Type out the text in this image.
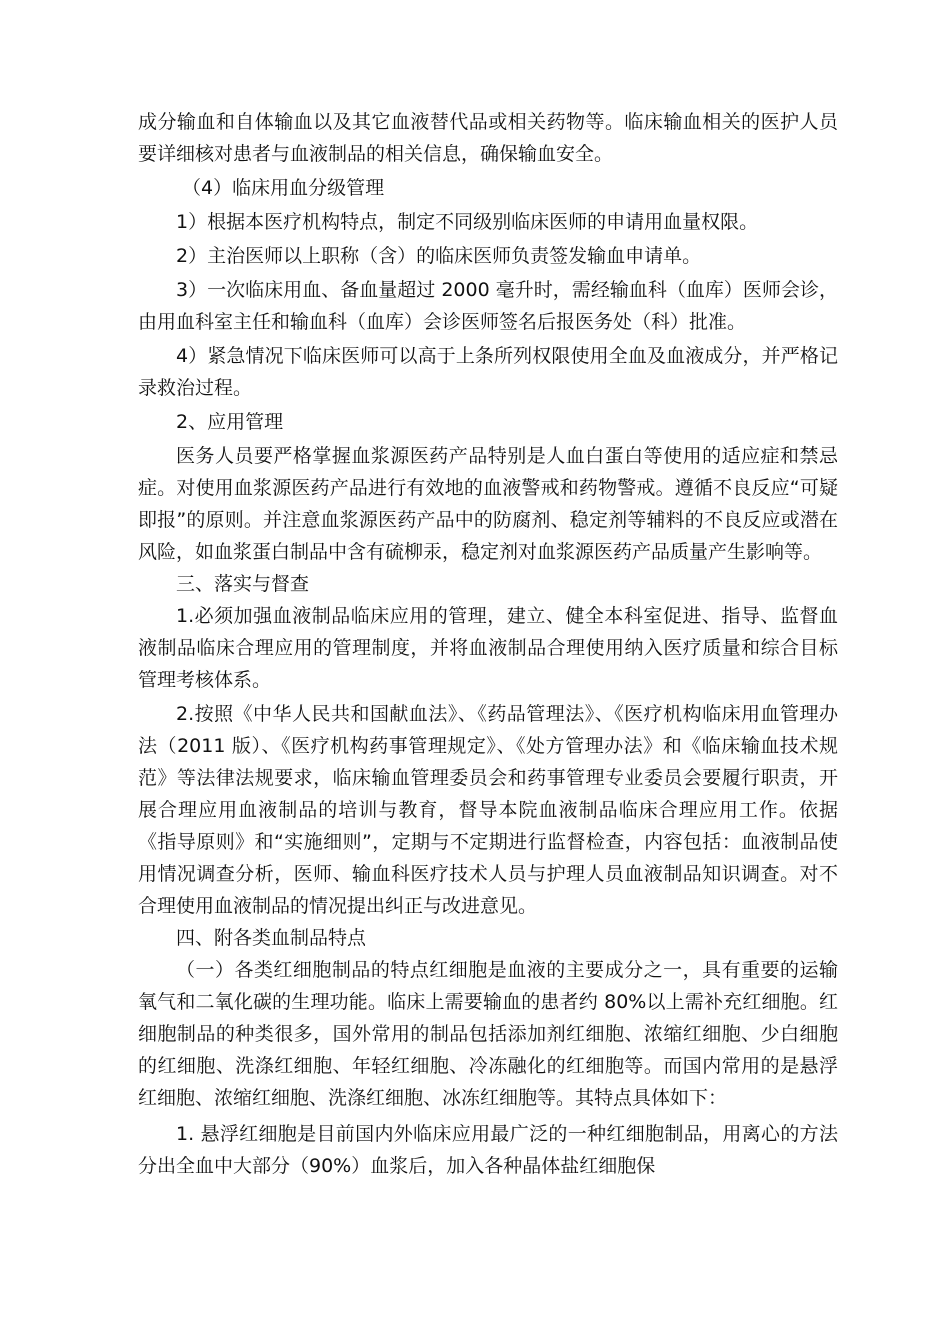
成分输血和自体输血以及其它血液替代品或相关药物等。临床输血相关的医护人员要详细核对患者与血液制品的相关信息，确保输血安全。

（4）临床用血分级管理

1）根据本医疗机构特点，制定不同级别临床医师的申请用血量权限。

2）主治医师以上职称（含）的临床医师负责签发输血申请单。

3）一次临床用血、备血量超过 2000 毫升时，需经输血科（血库）医师会诊，由用血科室主任和输血科（血库）会诊医师签名后报医务处（科）批准。

4）紧急情况下临床医师可以高于上条所列权限使用全血及血液成分，并严格记录救治过程。

2、应用管理

医务人员要严格掌握血浆源医药产品特别是人血白蛋白等使用的适应症和禁忌症。对使用血浆源医药产品进行有效地的血液警戒和药物警戒。遵循不良反应“可疑即报”的原则。并注意血浆源医药产品中的防腐剂、稳定剂等辅料的不良反应或潜在风险，如血浆蛋白制品中含有硫柳汞，稳定剂对血浆源医药产品质量产生影响等。

三、落实与督查

1.必须加强血液制品临床应用的管理，建立、健全本科室促进、指导、监督血液制品临床合理应用的管理制度，并将血液制品合理使用纳入医疗质量和综合目标管理考核体系。

2.按照《中华人民共和国献血法》、《药品管理法》、《医疗机构临床用血管理办法（2011 版）、《医疗机构药事管理规定》、《处方管理办法》和《临床输血技术规范》等法律法规要求，临床输血管理委员会和药事管理专业委员会要履行职责，开展合理应用血液制品的培训与教育，督导本院血液制品临床合理应用工作。依据《指导原则》和“实施细则”，定期与不定期进行监督检查，内容包括：血液制品使用情况调查分析，医师、输血科医疗技术人员与护理人员血液制品知识调查。对不合理使用血液制品的情况提出纠正与改进意见。

四、附各类血制品特点

（一）各类红细胞制品的特点红细胞是血液的主要成分之一，具有重要的运输氧气和二氧化碳的生理功能。临床上需要输血的患者约 80%以上需补充红细胞。红细胞制品的种类很多，国外常用的制品包括添加剂红细胞、浓缩红细胞、少白细胞的红细胞、洗涤红细胞、年轻红细胞、冷冻融化的红细胞等。而国内常用的是悬浮红细胞、浓缩红细胞、洗涤红细胞、冰冻红细胞等。其特点具体如下：

1. 悬浮红细胞是目前国内外临床应用最广泛的一种红细胞制品，用离心的方法分出全血中大部分（90%）血浆后，加入各种晶体盐红细胞保
